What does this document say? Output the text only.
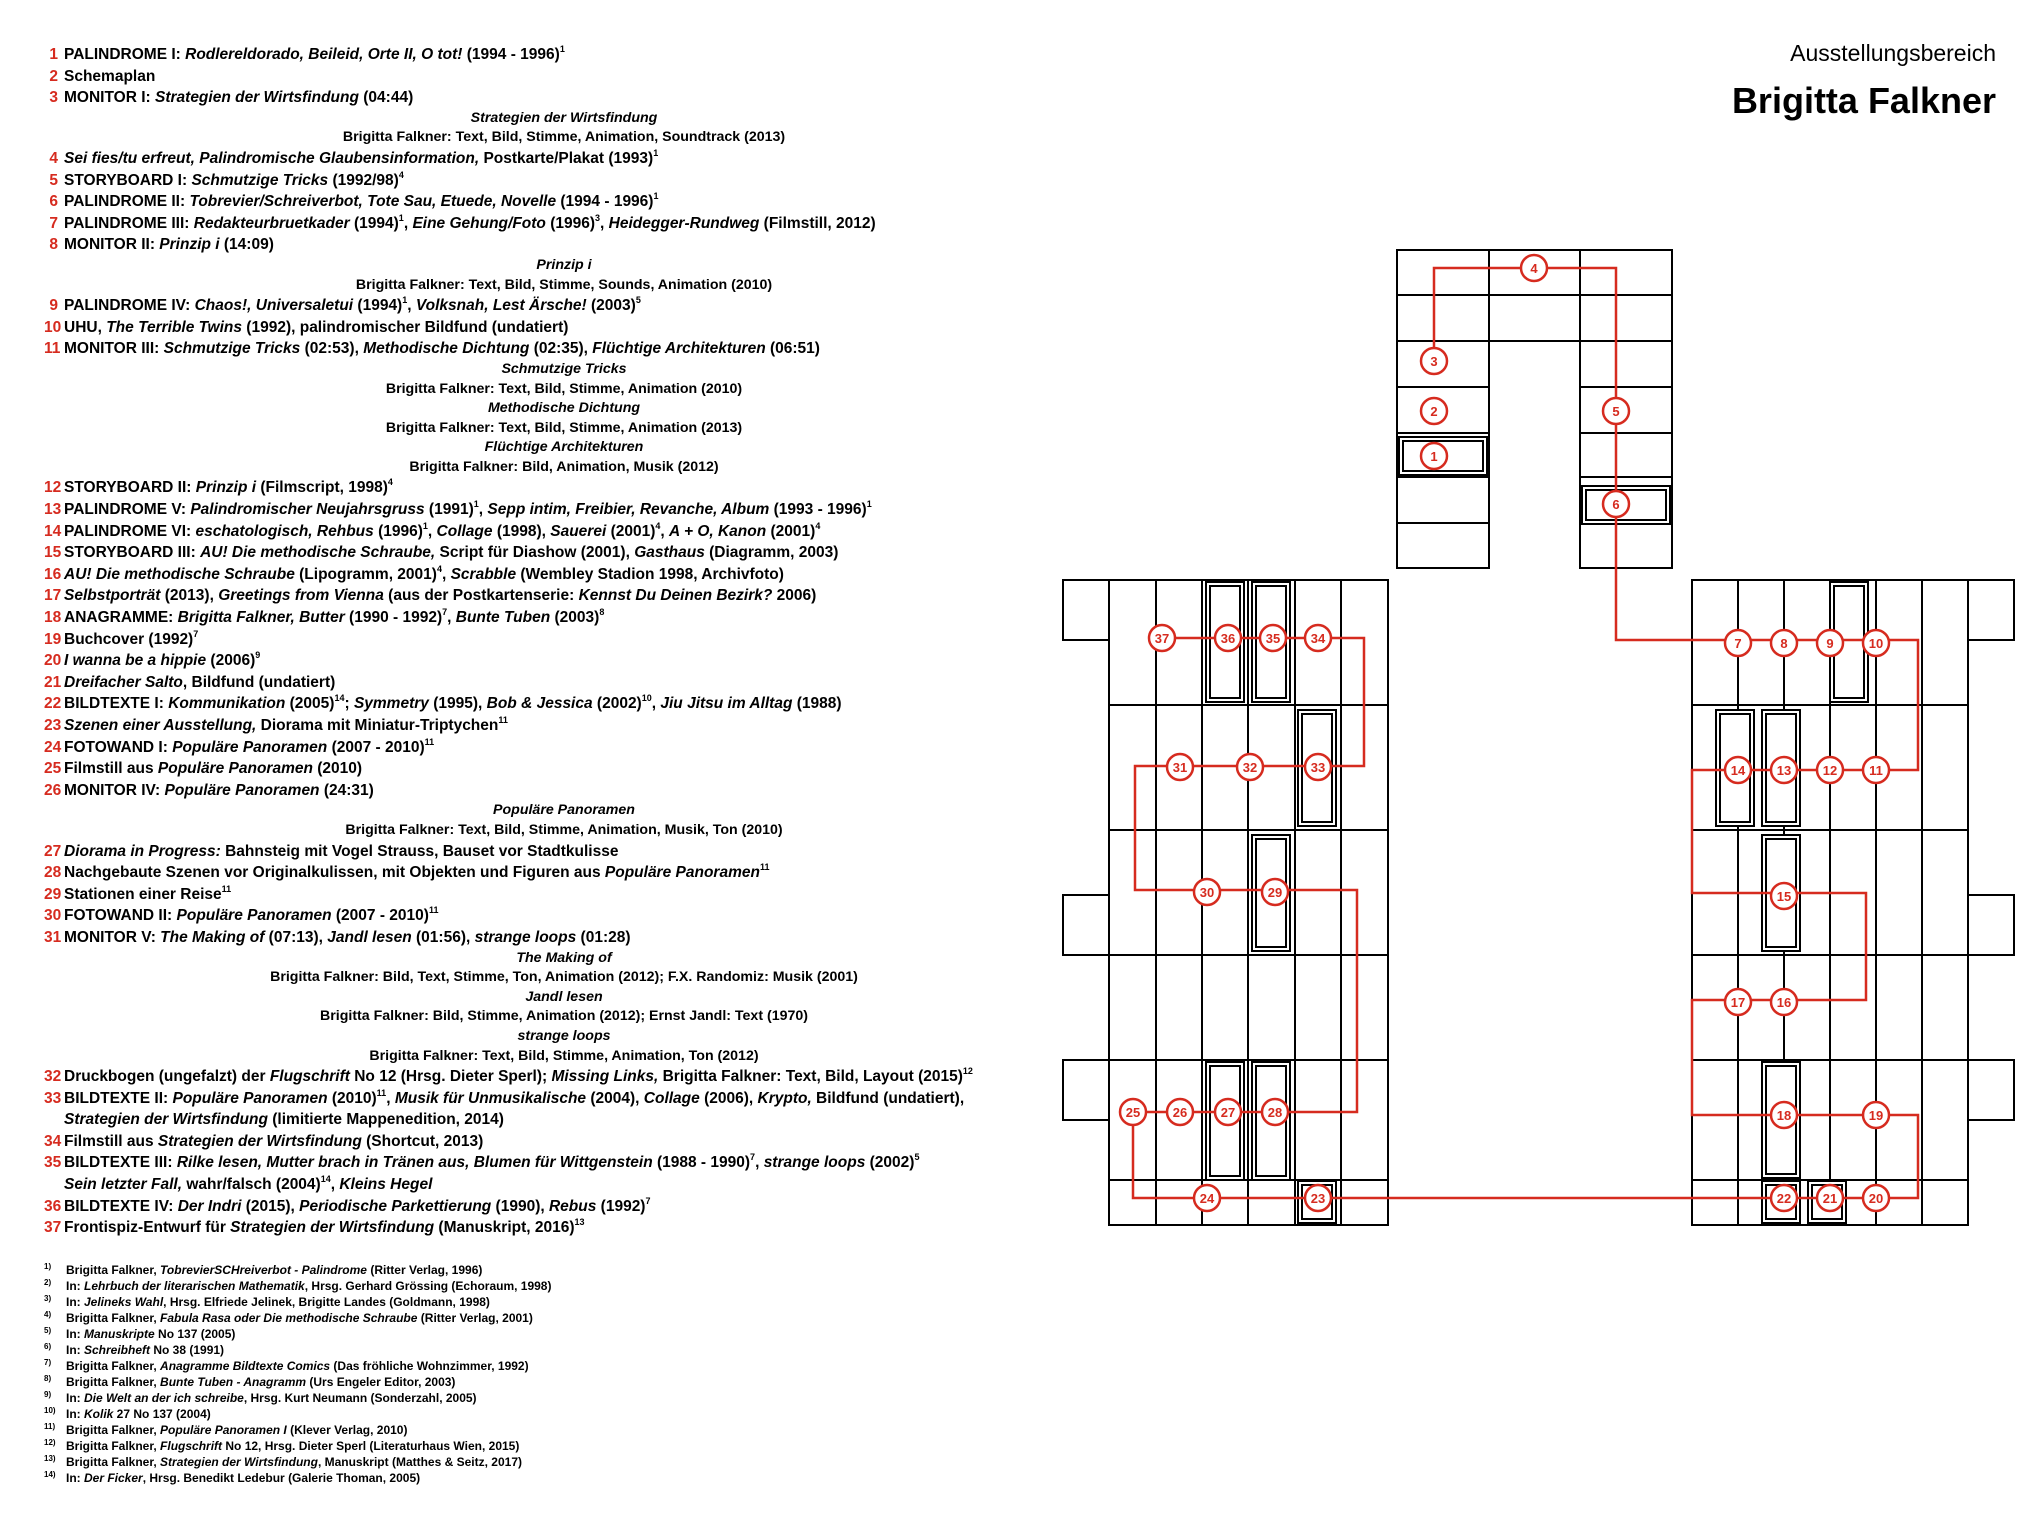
1 PALINDROME I: Rodlereldorado, Beileid, Orte II, O tot! (1994 - 1996)$^1$
2 Schemaplan
3 MONITOR I: Strategien der Wirtsfindung (04:44)
Strategien der Wirtsfindung
Brigitta Falkner: Text, Bild, Stimme, Animation, Soundtrack (2013)
4 Sei fies/tu erfreut, Palindromische Glaubensinformation, Postkarte/Plakat $(1993)^1$
5 STORYBOARD I: Schmutzige Tricks $(1992/98)^4$
6 PALINDROME II: Tobrevier/Schreiverbot, Tote Sau, Etuede, Novelle (1994 - 1996)$^1$
7 PALINDROME III: Redakteurbruetkader $(1994)^1$, Eine Gehung/Foto $(1996)^3$, Heidegger-Rundweg (Filmstill, 2012)
8 MONITOR II: Prinzip i (14:09)
Prinzip i
Brigitta Falkner: Text, Bild, Stimme, Sounds, Animation (2010)
9 PALINDROME IV: Chaos!, Universaletui $(1994)^1$, Volksnah, Lest Ärsche! $(2003)^5$
10 UHU, The Terrible Twins (1992), palindromischer Bildfund (undatiert)
11 MONITOR III: Schmutzige Tricks (02:53), Methodische Dichtung (02:35), Flüchtige Architekturen (06:51)
Schmutzige Tricks
Brigitta Falkner: Text, Bild, Stimme, Animation (2010)
Methodische Dichtung
Brigitta Falkner: Text, Bild, Stimme, Animation (2013)
Flüchtige Architekturen
Brigitta Falkner: Bild, Animation, Musik (2012)
12 STORYBOARD II: Prinzip i (Filmscript, 1998)$^4$
13 PALINDROME V: Palindromischer Neujahrsgruss $(1991)^1$, Sepp intim, Freibier, Revanche, Album (1993 - 1996)$^1$
14 PALINDROME VI: eschatologisch, Rehbus $(1996)^1$, Collage (1998), Sauerei $(2001)^4$, A + O, Kanon $(2001)^4$
15 STORYBOARD III: AU! Die methodische Schraube, Script für Diashow (2001), Gasthaus (Diagramm, 2003)
16 AU! Die methodische Schraube (Lipogramm, 2001)$^4$, Scrabble (Wembley Stadion 1998, Archivfoto)
17 Selbstporträt (2013), Greetings from Vienna (aus der Postkartenserie: Kennst Du Deinen Bezirk? 2006)
18 ANAGRAMME: Brigitta Falkner, Butter (1990 - 1992)$^7$, Bunte Tuben $(2003)^8$
19 Buchcover $(1992)^7$
20 I wanna be a hippie $(2006)^9$
21 Dreifacher Salto, Bildfund (undatiert)
22 BILDTEXTE I: Kommunikation $(2005)^{14}$; Symmetry (1995), Bob & Jessica $(2002)^{10}$, Jiu Jitsu im Alltag (1988)
23 Szenen einer Ausstellung, Diorama mit Miniatur-Triptychen$^{11}$
24 FOTOWAND I: Populäre Panoramen (2007 - 2010)$^{11}$
25 Filmstill aus Populäre Panoramen (2010)
26 MONITOR IV: Populäre Panoramen (24:31)
Populäre Panoramen
Brigitta Falkner: Text, Bild, Stimme, Animation, Musik, Ton (2010)
27 Diorama in Progress: Bahnsteig mit Vogel Strauss, Bauset vor Stadtkulisse
28 Nachgebaute Szenen vor Originalkulissen, mit Objekten und Figuren aus Populäre Panoramen$^{11}$
29 Stationen einer Reise$^{11}$
30 FOTOWAND II: Populäre Panoramen (2007 - 2010)$^{11}$
31 MONITOR V: The Making of (07:13), Jandl lesen (01:56), strange loops (01:28)
The Making of
Brigitta Falkner: Bild, Text, Stimme, Ton, Animation (2012); F.X. Randomiz: Musik (2001)
Jandl lesen
Brigitta Falkner: Bild, Stimme, Animation (2012); Ernst Jandl: Text (1970)
strange loops
Brigitta Falkner: Text, Bild, Stimme, Animation, Ton (2012)
32 Druckbogen (ungefalzt) der Flugschrift No 12 (Hrsg. Dieter Sperl); Missing Links, Brigitta Falkner: Text, Bild, Layout $(2015)^{12}$
33 BILDTEXTE II: Populäre Panoramen $(2010)^{11}$, Musik für Unmusikalische (2004), Collage (2006), Krypto, Bildfund (undatiert),
Strategien der Wirtsfindung (limitierte Mappenedition, 2014)
34 Filmstill aus Strategien der Wirtsfindung (Shortcut, 2013)
35 BILDTEXTE III: Rilke lesen, Mutter brach in Tränen aus, Blumen für Wittgenstein (1988 - 1990)$^7$, strange loops $(2002)^5$
Sein letzter Fall, wahr/falsch $(2004)^{14}$, Kleins Hegel
36 BILDTEXTE IV: Der Indri (2015), Periodische Parkettierung (1990), Rebus $(1992)^7$
37 Frontispiz-Entwurf für Strategien der Wirtsfindung (Manuskript, 2016)$^{13}$
1) Brigitta Falkner, TobrevierSCHreiverbot - Palindrome (Ritter Verlag, 1996)
2) In: Lehrbuch der literarischen Mathematik, Hrsg. Gerhard Grössing (Echoraum, 1998)
3) In: Jelineks Wahl, Hrsg. Elfriede Jelinek, Brigitte Landes (Goldmann, 1998)
4) Brigitta Falkner, Fabula Rasa oder Die methodische Schraube (Ritter Verlag, 2001)
5) In: Manuskripte No 137 (2005)
6) In: Schreibheft No 38 (1991)
7) Brigitta Falkner, Anagramme Bildtexte Comics (Das fröhliche Wohnzimmer, 1992)
8) Brigitta Falkner, Bunte Tuben - Anagramm (Urs Engeler Editor, 2003)
9) In: Die Welt an der ich schreibe, Hrsg. Kurt Neumann (Sonderzahl, 2005)
10) In: Kolik 27 No 137 (2004)
11) Brigitta Falkner, Populäre Panoramen I (Klever Verlag, 2010)
12) Brigitta Falkner, Flugschrift No 12, Hrsg. Dieter Sperl (Literaturhaus Wien, 2015)
13) Brigitta Falkner, Strategien der Wirtsfindung, Manuskript (Matthes & Seitz, 2017)
14) In: Der Ficker, Hrsg. Benedikt Ledebur (Galerie Thoman, 2005)
Ausstellungsbereich
Brigitta Falkner
1
2
3
4
5
6
7	8	9	10
11
12
13
14
15
16
17
18	19
20
21
22
23
24
25	26	27	28
29
30
31	32	33
34
35
36
37
